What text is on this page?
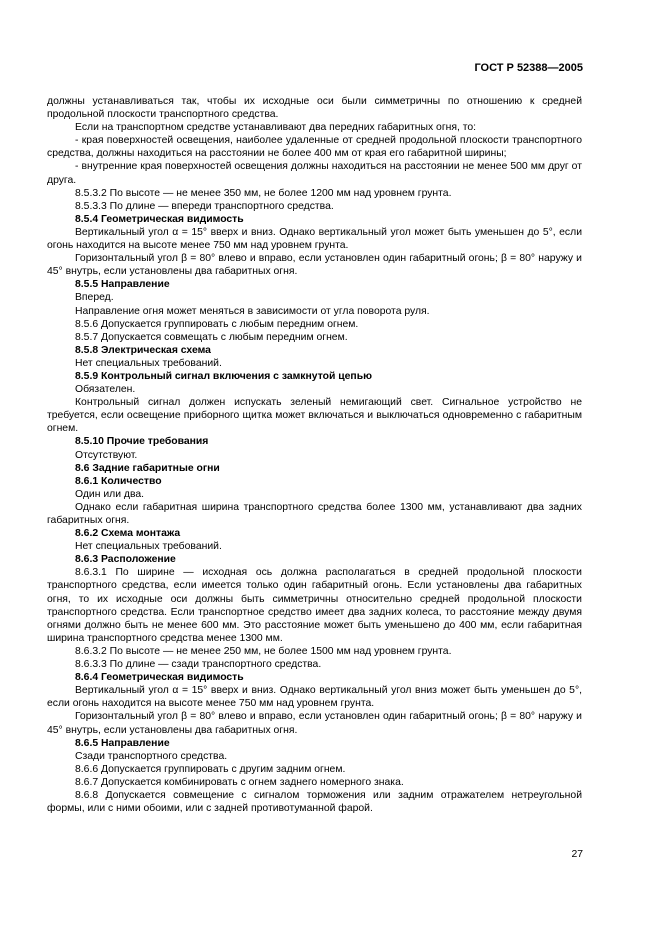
ГОСТ Р 52388—2005

должны устанавливаться так, чтобы их исходные оси были симметричны по отношению к средней продольной плоскости транспортного средства.

Если на транспортном средстве устанавливают два передних габаритных огня, то:

- края поверхностей освещения, наиболее удаленные от средней продольной плоскости транспортного средства, должны находиться на расстоянии не более 400 мм от края его габаритной ширины;

- внутренние края поверхностей освещения должны находиться на расстоянии не менее 500 мм друг от друга.

8.5.3.2 По высоте — не менее 350 мм, не более 1200 мм над уровнем грунта.

8.5.3.3 По длине — впереди транспортного средства.

8.5.4 Геометрическая видимость

Вертикальный угол α = 15° вверх и вниз. Однако вертикальный угол может быть уменьшен до 5°, если огонь находится на высоте менее 750 мм над уровнем грунта.

Горизонтальный угол β = 80° влево и вправо, если установлен один габаритный огонь; β = 80° наружу и 45° внутрь, если установлены два габаритных огня.

8.5.5 Направление

Вперед.

Направление огня может меняться в зависимости от угла поворота руля.

8.5.6 Допускается группировать с любым передним огнем.

8.5.7 Допускается совмещать с любым передним огнем.

8.5.8 Электрическая схема

Нет специальных требований.

8.5.9 Контрольный сигнал включения с замкнутой цепью

Обязателен.

Контрольный сигнал должен испускать зеленый немигающий свет. Сигнальное устройство не требуется, если освещение приборного щитка может включаться и выключаться одновременно с габаритным огнем.

8.5.10 Прочие требования

Отсутствуют.

8.6 Задние габаритные огни

8.6.1 Количество

Один или два.

Однако если габаритная ширина транспортного средства более 1300 мм, устанавливают два задних габаритных огня.

8.6.2 Схема монтажа

Нет специальных требований.

8.6.3 Расположение

8.6.3.1 По ширине — исходная ось должна располагаться в средней продольной плоскости транспортного средства, если имеется только один габаритный огонь. Если установлены два габаритных огня, то их исходные оси должны быть симметричны относительно средней продольной плоскости транспортного средства. Если транспортное средство имеет два задних колеса, то расстояние между двумя огнями должно быть не менее 600 мм. Это расстояние может быть уменьшено до 400 мм, если габаритная ширина транспортного средства менее 1300 мм.

8.6.3.2 По высоте — не менее 250 мм, не более 1500 мм над уровнем грунта.

8.6.3.3 По длине — сзади транспортного средства.

8.6.4 Геометрическая видимость

Вертикальный угол α = 15° вверх и вниз. Однако вертикальный угол вниз может быть уменьшен до 5°, если огонь находится на высоте менее 750 мм над уровнем грунта.

Горизонтальный угол β = 80° влево и вправо, если установлен один габаритный огонь; β = 80° наружу и 45° внутрь, если установлены два габаритных огня.

8.6.5 Направление

Сзади транспортного средства.

8.6.6 Допускается группировать с другим задним огнем.

8.6.7 Допускается комбинировать с огнем заднего номерного знака.

8.6.8 Допускается совмещение с сигналом торможения или задним отражателем нетреугольной формы, или с ними обоими, или с задней противотуманной фарой.

27
